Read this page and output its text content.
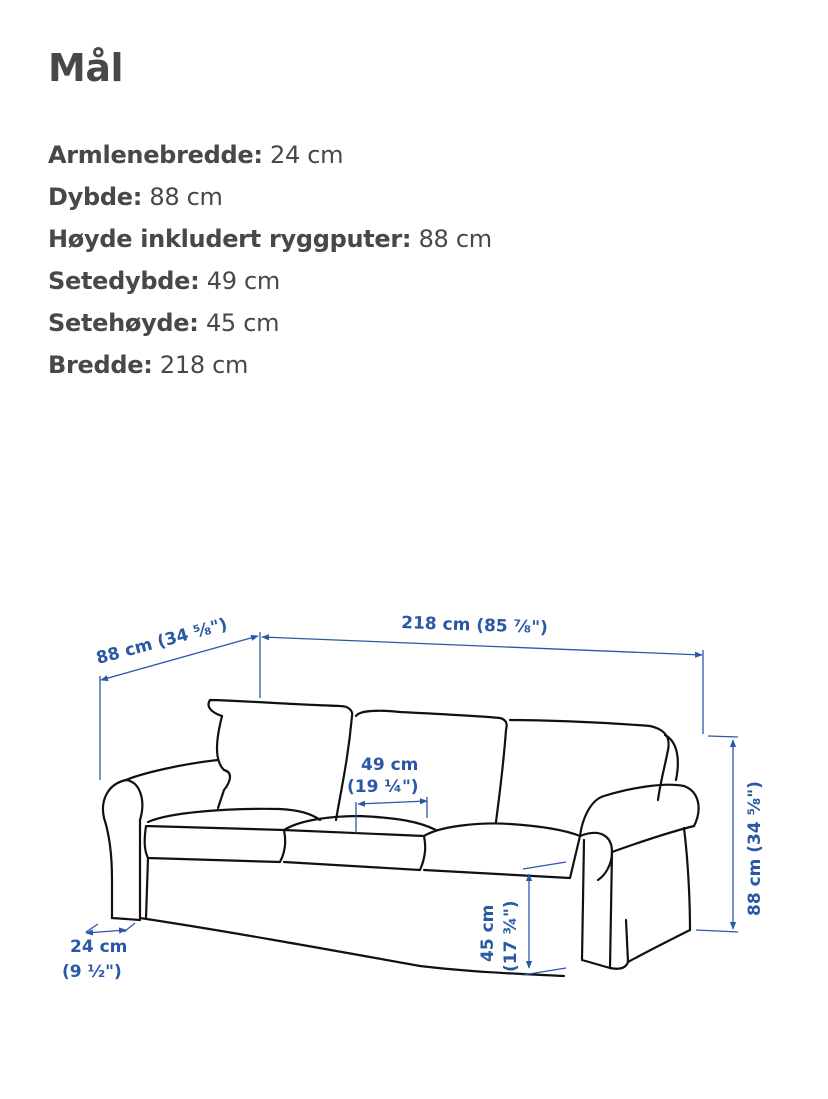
Mål
Armlenebredde: 24 cm
Dybde: 88 cm
Høyde inkludert ryggputer: 88 cm
Setedybde: 49 cm
Setehøyde: 45 cm
Bredde: 218 cm
88 cm (34 ⅝")	218 cm (85 ⅞")
49 cm
(19 ¼")
24 cm
(9 ½")
45 cm (17 ¾")
88 cm (34 ⅝")
